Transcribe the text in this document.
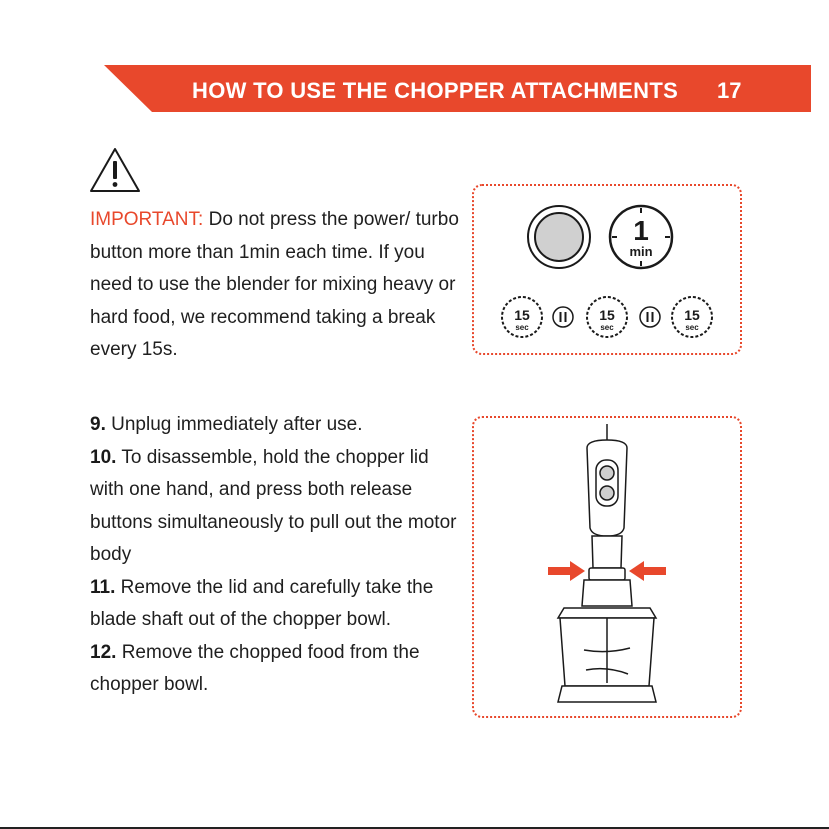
HOW TO USE THE CHOPPER ATTACHMENTS 17

IMPORTANT: Do not press the power/ turbo button more than 1min each time. If you need to use the blender for mixing heavy or hard food, we recommend taking a break every 15s.

9. Unplug immediately after use.

10. To disassemble, hold the chopper lid with one hand, and press both release buttons simultaneously to pull out the motor body

11. Remove the lid and carefully take the blade shaft out of the chopper bowl.

12. Remove the chopped food from the chopper bowl.

1
min
15
sec
15
sec
15
sec
